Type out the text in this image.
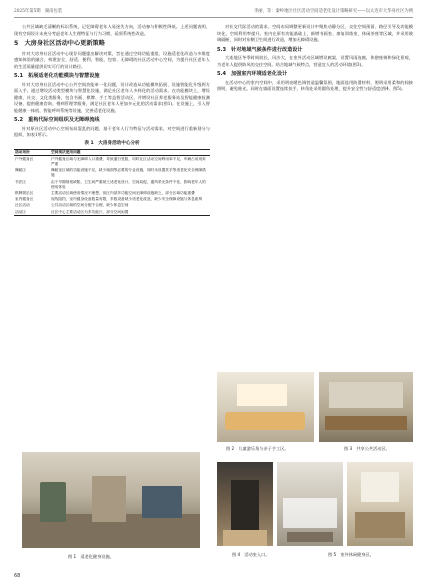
2025年第5期　湖南包装	李丽，等：秦岭地区社区活动空间适老化设计策略研究——以太连市大华身社区为例

公共区域缺乏清晰的标识系统，记忆障碍老年人易迷失方向，活动参与积极性降低。上述问题表明，现有空间设计未充分考虑老年人生理特征与行为习惯，亟须系统性改造。

5　大房身社区活动中心更新策略

针对大房身社区活动中心现存问题提出解决对策，旨在通过空间功能重组、设施适老化改造与多维度感知体验的融合，构建安全、舒适、便利、智能、包容、无障碍的社区活动中心空间，为提升社区老年人的生活质量提供切实可行的设计路径。

5.1　拓展适老化功能模块与智慧设施

针对大房身社区活动中心公共空间功能单一化问题，设计改造从功能模块拓展、设施智能化升级两方面入手。通过增设活动类型模块与智慧化设施，满足社区老年人多样化的活动需求。在功能模块上，增设健康、社交、文化类服务，包含书画、棋牌、手工等益智活动区，并增设社区养老服务站及智能健康检测设备，提供健康咨询、慢病管理等服务，满足社区老年人更加多元化的活动需求(图1)。在设施上，引入智能健康一体机、智能呼叫系统等设施，完善适老化设施。

5.2　重构代际空间组织及无障碍流线

针对原社区活动中心空间布局混乱的问题，基于老年人行为特征与活动需求，对空间进行重新划分与组织，如表1所示。

表 1　大房身活动中心分析
活动场所	空间现状使用问题
户外健身区	户外健身区域与无障碍入口重叠，导致通行受阻，同时社区活动空间利用率不足，车辆占用现象严重
舞蹈区	舞蹈室区域的功能设施不足，缺少镜面等必要的专业设施，同时未设置扶手等适老化安全保障措施
书法区	由于早期规划缺陷，卫生间严重缺乏适老化设计，空间局促，通风采光条件不佳，影响老年人的使用体验
棋牌娱乐区	主要活动区域使用情况不理想，但区内部多功能空间无障碍设施缺乏，部分区域功能重叠
室内健身区	视线阻挡，室内健身设备数量有限，多数设备缺少适老化改造，缺少安全保障设施与休息座椅
社区活动	公共活动区域的空间分配不合理，缺少休息空间
活动区	社区中心主要活动区为多功能厅，部分空间闲置
图 1　适老化健身设施。

对社交代际活动的需求，空间布局调整更新设计中聚焦动静分区、交往空间预留、路径引导及功能模块化，空间利用率提升。室内在原有功能基础上，新增书画室、康复训练室、休闲茶座等区域，并采用玻璃隔断，同时对东侧卫生间进行改造，增加无障碍设施。

5.3　针对地域气候条件进行改造设计

大连地区冬季时间较长，风沙大，在室外活动区域增设廊架，设置风雨连廊，休憩座椅和绿化景观，为老年人提供防风的交往空间。结合地域气候特点，营造宜人的活动环境(图3)。

5.4　加强室内环境适老化设计

在活动中心的室内空间中，采用明亮暖色调营造温馨氛围，地面选用防滑材料，照明采用柔和的间接照明，避免眩光。同时在墙面设置连续扶手，转角处采用圆角处理，提升安全性与舒适度(图4、图5)。

图 2　儿童游乐角与亲子手工区。	图 3　共享公共活动区。
图 4　活动室入口。	图 5　室外休闲健身区。
68
